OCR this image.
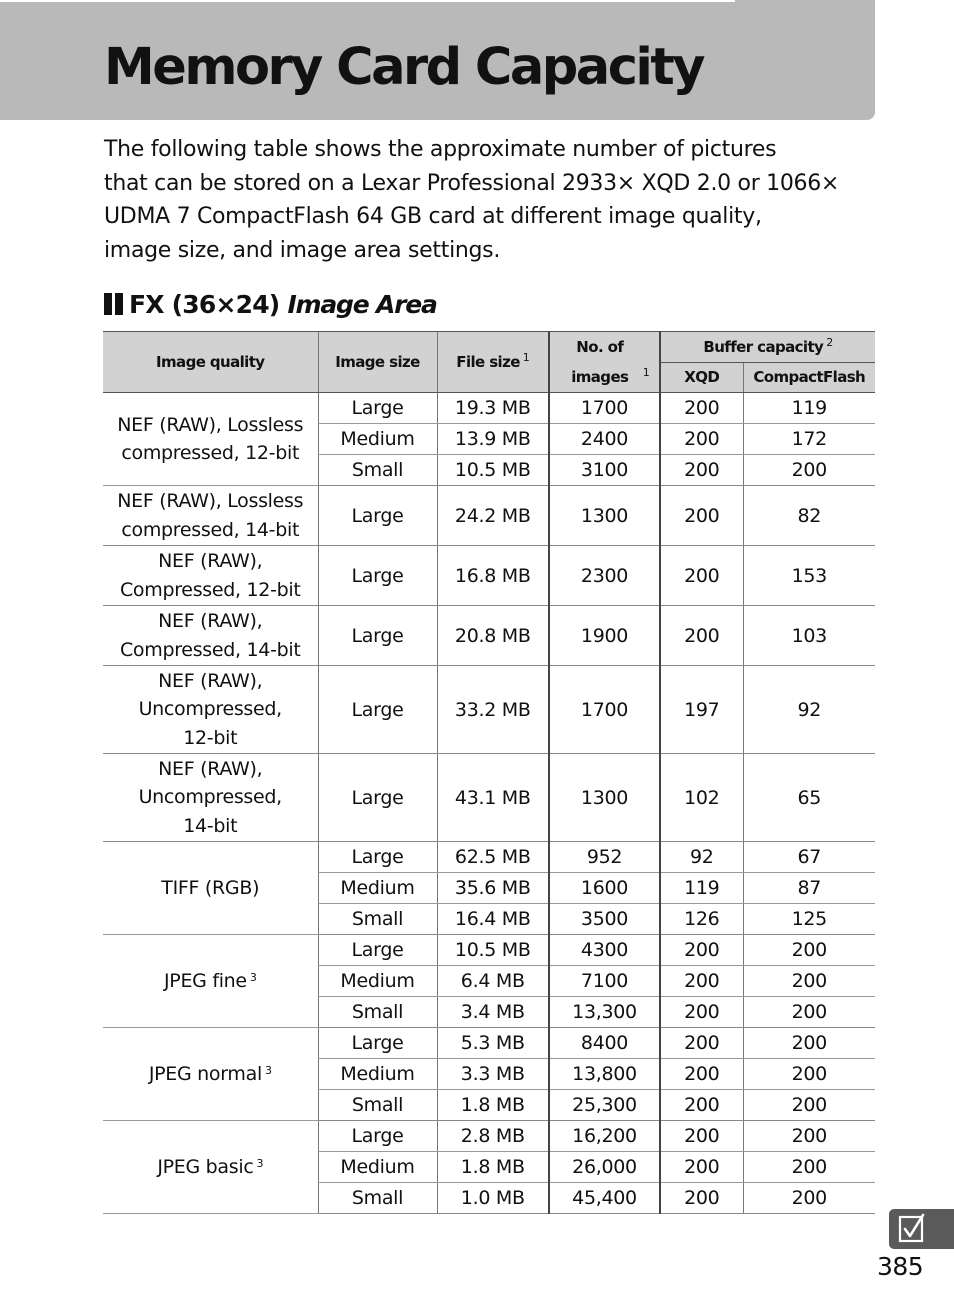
Memory Card Capacity

The following table shows the approximate number of pictures
that can be stored on a Lexar Professional 2933× XQD 2.0 or 1066×
UDMA 7 CompactFlash 64 GB card at different image quality,
image size, and image area settings.

FX (36×24) Image Area
Image quality	Image size	File size $^1$	No. of images $^1$	Buffer capacity $^2$
				XQD	CompactFlash

NEF (RAW), Lossless compressed, 12-bit	Large	19.3 MB	1700	200	119
	Medium	13.9 MB	2400	200	172
	Small	10.5 MB	3100	200	200

NEF (RAW), Lossless compressed, 14-bit	Large	24.2 MB	1300	200	82

NEF (RAW), Compressed, 12-bit	Large	16.8 MB	2300	200	153

NEF (RAW), Compressed, 14-bit	Large	20.8 MB	1900	200	103

NEF (RAW), Uncompressed, 12-bit	Large	33.2 MB	1700	197	92

NEF (RAW), Uncompressed, 14-bit	Large	43.1 MB	1300	102	65

TIFF (RGB)	Large	62.5 MB	952	92	67
	Medium	35.6 MB	1600	119	87
	Small	16.4 MB	3500	126	125
JPEG fine $^3$	Large	10.5 MB	4300	200	200
	Medium	6.4 MB	7100	200	200
	Small	3.4 MB	13,300	200	200
JPEG normal $^3$	Large	5.3 MB	8400	200	200
	Medium	3.3 MB	13,800	200	200
	Small	1.8 MB	25,300	200	200
JPEG basic $^3$	Large	2.8 MB	16,200	200	200
	Medium	1.8 MB	26,000	200	200
	Small	1.0 MB	45,400	200	200
385
